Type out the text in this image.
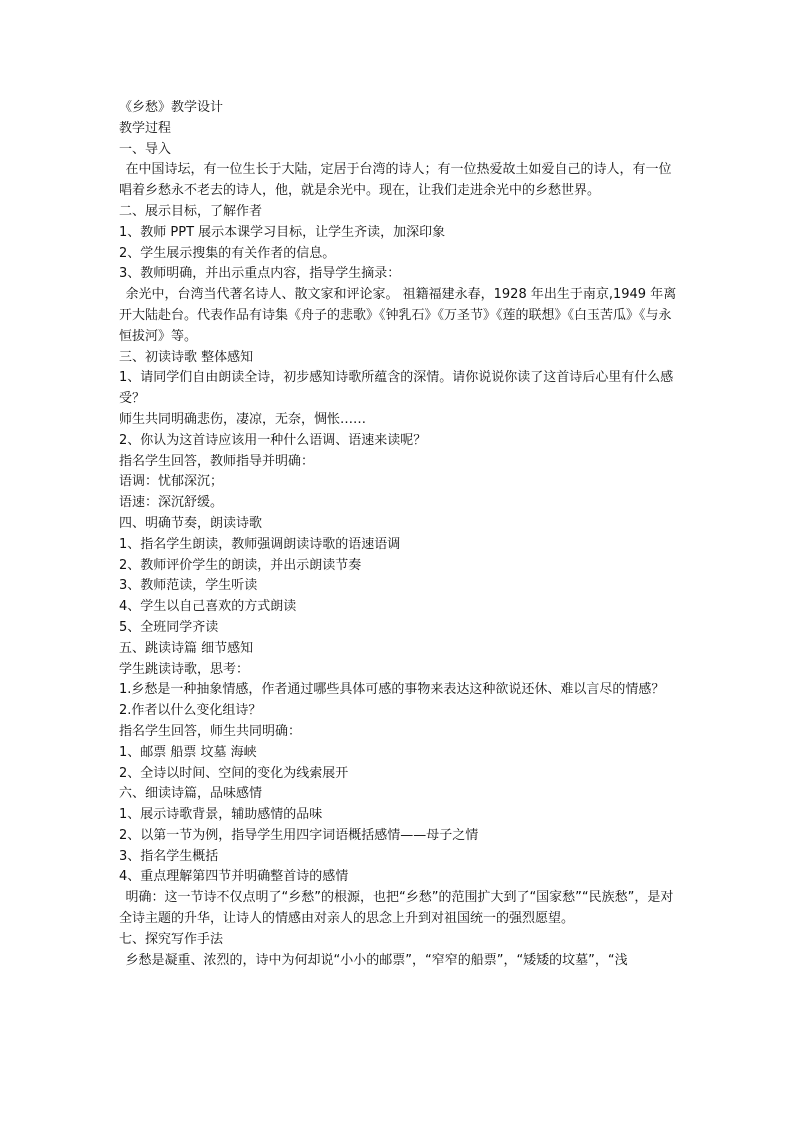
《乡愁》教学设计

教学过程

一、导入

在中国诗坛，有一位生长于大陆，定居于台湾的诗人；有一位热爱故土如爱自己的诗人，有一位唱着乡愁永不老去的诗人，他，就是余光中。现在，让我们走进余光中的乡愁世界。

二、展示目标，了解作者

1、教师 PPT 展示本课学习目标，让学生齐读，加深印象

2、学生展示搜集的有关作者的信息。

3、教师明确，并出示重点内容，指导学生摘录：

余光中，台湾当代著名诗人、散文家和评论家。 祖籍福建永春，1928 年出生于南京,1949 年离开大陆赴台。代表作品有诗集《舟子的悲歌》《钟乳石》《万圣节》《莲的联想》《白玉苦瓜》《与永恒拔河》等。

三、初读诗歌 整体感知

1、请同学们自由朗读全诗，初步感知诗歌所蕴含的深情。请你说说你读了这首诗后心里有什么感受？

师生共同明确悲伤，凄凉，无奈，惆怅……

2、你认为这首诗应该用一种什么语调、语速来读呢？

指名学生回答，教师指导并明确：

语调：忧郁深沉；

语速：深沉舒缓。

四、明确节奏，朗读诗歌

1、指名学生朗读，教师强调朗读诗歌的语速语调

2、教师评价学生的朗读，并出示朗读节奏

3、教师范读，学生听读

4、学生以自己喜欢的方式朗读

5、全班同学齐读

五、跳读诗篇 细节感知

学生跳读诗歌，思考：

1.乡愁是一种抽象情感，作者通过哪些具体可感的事物来表达这种欲说还休、难以言尽的情感？

2.作者以什么变化组诗？

指名学生回答，师生共同明确：

1、邮票 船票 坟墓 海峡

2、全诗以时间、空间的变化为线索展开

六、细读诗篇，品味感情

1、展示诗歌背景，辅助感情的品味

2、以第一节为例，指导学生用四字词语概括感情——母子之情

3、指名学生概括

4、重点理解第四节并明确整首诗的感情

明确：这一节诗不仅点明了“乡愁”的根源，也把“乡愁”的范围扩大到了“国家愁”“民族愁”，是对全诗主题的升华，让诗人的情感由对亲人的思念上升到对祖国统一的强烈愿望。

七、探究写作手法

乡愁是凝重、浓烈的，诗中为何却说“小小的邮票”，“窄窄的船票”，“矮矮的坟墓”，“浅
